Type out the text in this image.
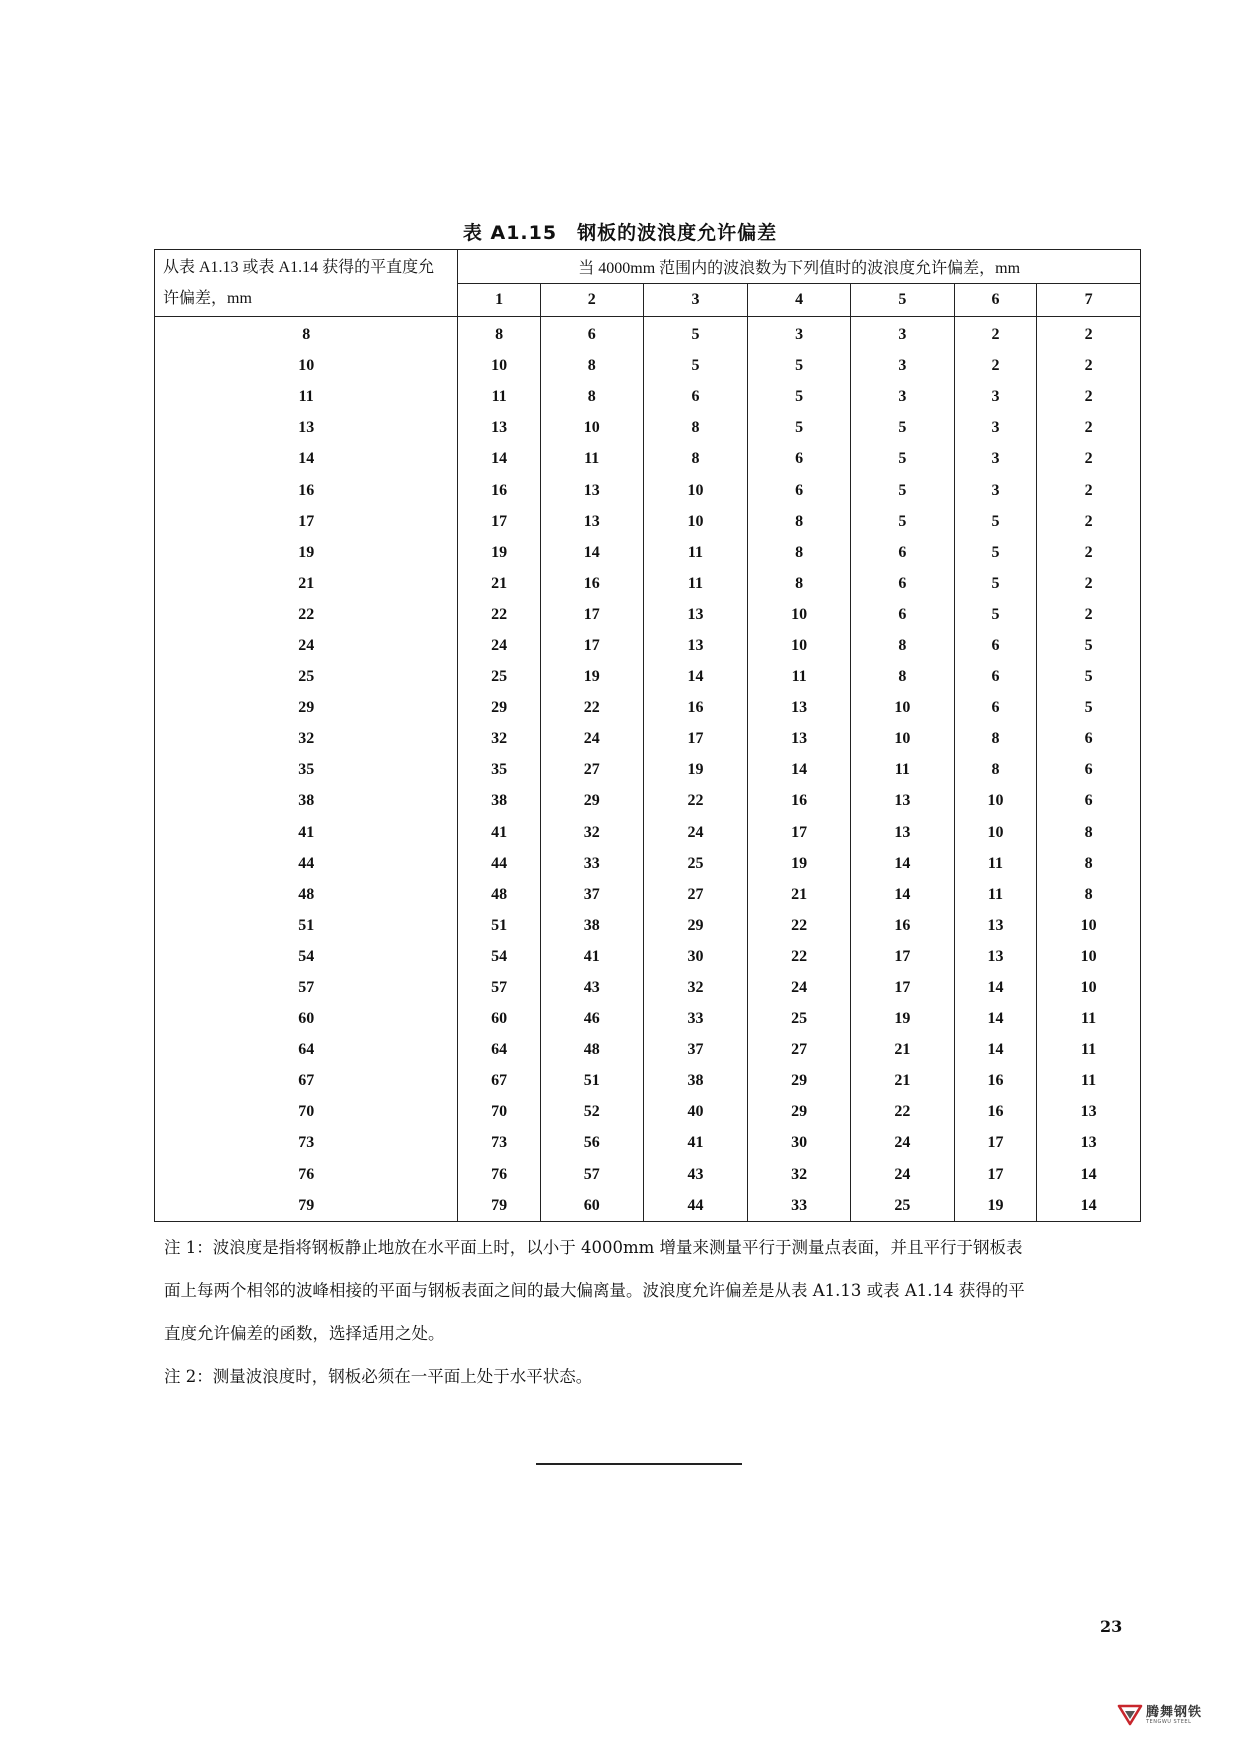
表 A1.15　钢板的波浪度允许偏差
从表 A1.13 或表 A1.14 获得的平直度允许偏差，mm	当 4000mm 范围内的波浪数为下列值时的波浪度允许偏差，mm						
	1	2	3	4	5	6	7
8	8	6	5	3	3	2	2
10	10	8	5	5	3	2	2
11	11	8	6	5	3	3	2
13	13	10	8	5	5	3	2
14	14	11	8	6	5	3	2
16	16	13	10	6	5	3	2
17	17	13	10	8	5	5	2
19	19	14	11	8	6	5	2
21	21	16	11	8	6	5	2
22	22	17	13	10	6	5	2
24	24	17	13	10	8	6	5
25	25	19	14	11	8	6	5
29	29	22	16	13	10	6	5
32	32	24	17	13	10	8	6
35	35	27	19	14	11	8	6
38	38	29	22	16	13	10	6
41	41	32	24	17	13	10	8
44	44	33	25	19	14	11	8
48	48	37	27	21	14	11	8
51	51	38	29	22	16	13	10
54	54	41	30	22	17	13	10
57	57	43	32	24	17	14	10
60	60	46	33	25	19	14	11
64	64	48	37	27	21	14	11
67	67	51	38	29	21	16	11
70	70	52	40	29	22	16	13
73	73	56	41	30	24	17	13
76	76	57	43	32	24	17	14
79	79	60	44	33	25	19	14

注 1：波浪度是指将钢板静止地放在水平面上时，以小于 4000mm 增量来测量平行于测量点表面，并且平行于钢板表

面上每两个相邻的波峰相接的平面与钢板表面之间的最大偏离量。波浪度允许偏差是从表 A1.13 或表 A1.14 获得的平

直度允许偏差的函数，选择适用之处。

注 2：测量波浪度时，钢板必须在一平面上处于水平状态。

23
腾舞钢铁
TENGWU STEEL
